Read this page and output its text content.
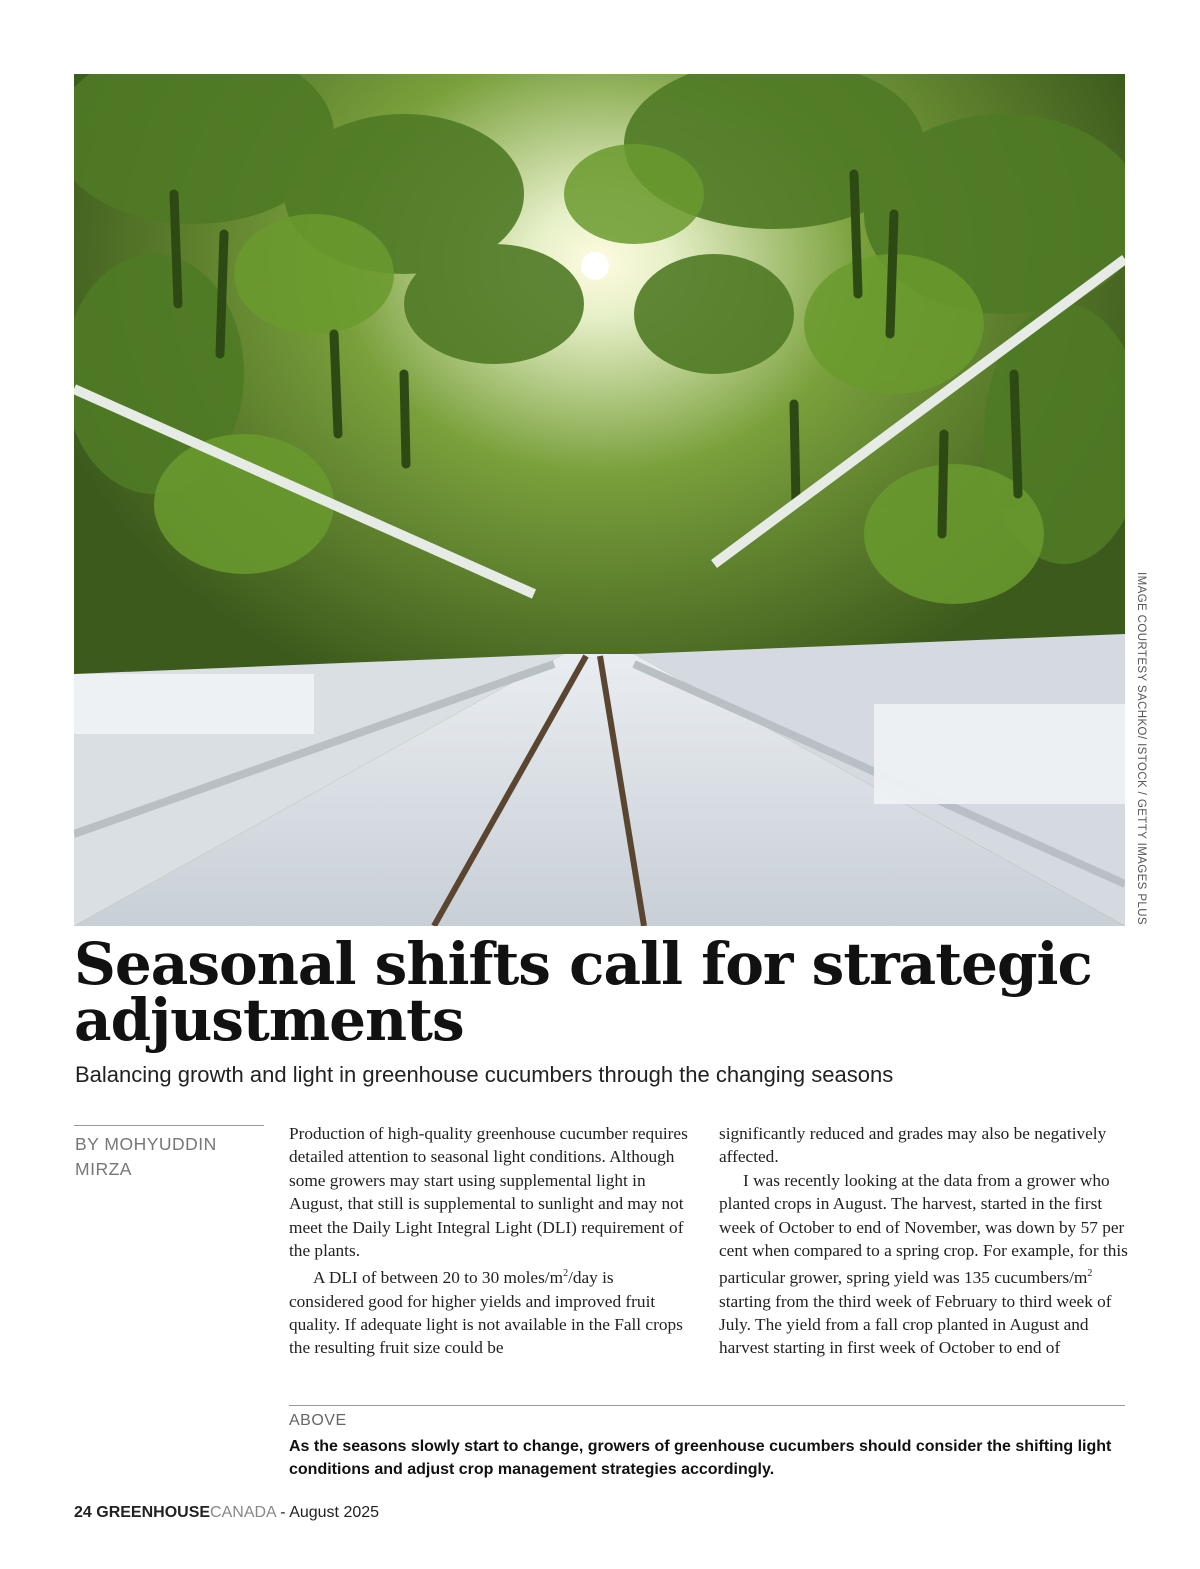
IMAGE COURTESY SACHKO/ ISTOCK / GETTY IMAGES PLUS
Seasonal shifts call for strategic adjustments
Balancing growth and light in greenhouse cucumbers through the changing seasons
BY MOHYUDDIN
MIRZA

Production of high-quality greenhouse cucumber requires detailed attention to seasonal light conditions. Although some growers may start using supplemental light in August, that still is supplemental to sunlight and may not meet the Daily Light Integral Light (DLI) requirement of the plants.

A DLI of between 20 to 30 moles/$m^2$/day is considered good for higher yields and improved fruit quality. If adequate light is not available in the Fall crops the resulting fruit size could be

significantly reduced and grades may also be negatively affected.

I was recently looking at the data from a grower who planted crops in August. The harvest, started in the first week of October to end of November, was down by 57 per cent when compared to a spring crop. For example, for this particular grower, spring yield was 135 cucumbers/$m^2$ starting from the third week of February to third week of July. The yield from a fall crop planted in August and harvest starting in first week of October to end of

ABOVE
As the seasons slowly start to change, growers of greenhouse cucumbers should consider the shifting light conditions and adjust crop management strategies accordingly.
24 GREENHOUSECANADA - August 2025
